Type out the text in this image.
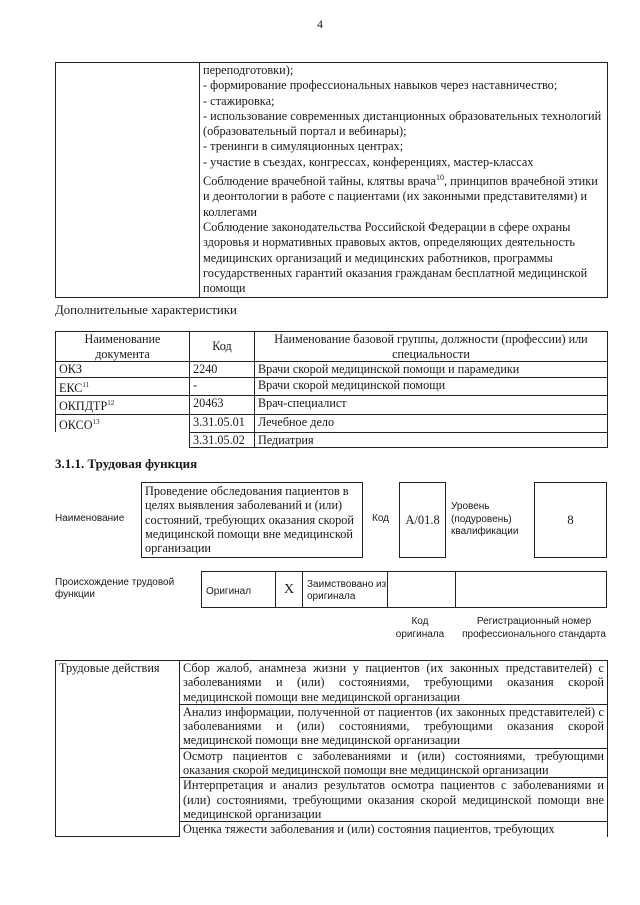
4

переподготовки);
- формирование профессиональных навыков через наставничество;
- стажировка;
- использование современных дистанционных образовательных технологий (образовательный портал и вебинары);
- тренинги в симуляционных центрах;
- участие в съездах, конгрессах, конференциях, мастер-классах
Соблюдение врачебной тайны, клятвы врача$^{10}$, принципов врачебной этики и деонтологии в работе с пациентами (их законными представителями) и коллегами
Соблюдение законодательства Российской Федерации в сфере охраны здоровья и нормативных правовых актов, определяющих деятельность медицинских организаций и медицинских работников, программы государственных гарантий оказания гражданам бесплатной медицинской помощи
Дополнительные характеристики
Наименование документа	Код	Наименование базовой группы, должности (профессии) или специальности
ОКЗ	2240	Врачи скорой медицинской помощи и парамедики
ЕКС$^{11}$	-	Врачи скорой медицинской помощи
ОКПДТР$^{12}$	20463	Врач-специалист
ОКСО$^{13}$	3.31.05.01	Лечебное дело
	3.31.05.02	Педиатрия
3.1.1. Трудовая функция
Наименование
Проведение обследования пациентов в целях выявления заболеваний и (или) состояний, требующих оказания скорой медицинской помощи вне медицинской организации
Код A/01.8
Уровень (подуровень) квалификации
8
Происхождение трудовой функции	Оригинал	X	Заимствовано из оригинала
Код оригинала
Регистрационный номер профессионального стандарта
Трудовые действия	Сбор жалоб, анамнеза жизни у пациентов (их законных представителей) с заболеваниями и (или) состояниями, требующими оказания скорой медицинской помощи вне медицинской организации
Анализ информации, полученной от пациентов (их законных представителей) с заболеваниями и (или) состояниями, требующими оказания скорой медицинской помощи вне медицинской организации
Осмотр пациентов с заболеваниями и (или) состояниями, требующими оказания скорой медицинской помощи вне медицинской организации
Интерпретация и анализ результатов осмотра пациентов с заболеваниями и (или) состояниями, требующими оказания скорой медицинской помощи вне медицинской организации
Оценка тяжести заболевания и (или) состояния пациентов, требующих
